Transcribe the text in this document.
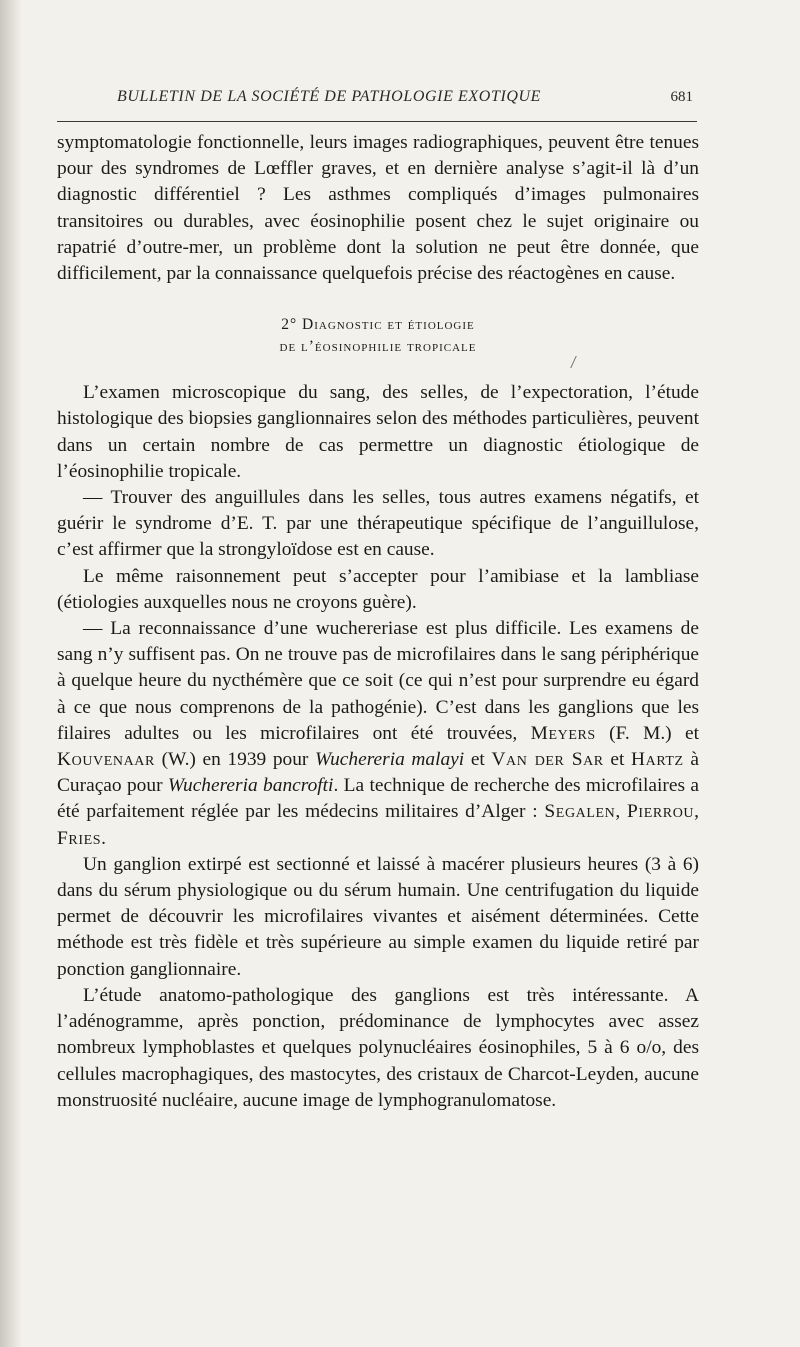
BULLETIN DE LA SOCIÉTÉ DE PATHOLOGIE EXOTIQUE	681

symptomatologie fonctionnelle, leurs images radiographiques, peuvent être tenues pour des syndromes de Lœffler graves, et en dernière analyse s’agit-il là d’un diagnostic différentiel ? Les asthmes compliqués d’images pulmonaires transitoires ou durables, avec éosinophilie posent chez le sujet originaire ou rapatrié d’outre-mer, un problème dont la solution ne peut être donnée, que difficilement, par la connaissance quelquefois précise des réactogènes en cause.

2° Diagnostic et étiologie
de l’éosinophilie tropicale

L’examen microscopique du sang, des selles, de l’expectoration, l’étude histologique des biopsies ganglionnaires selon des méthodes particulières, peuvent dans un certain nombre de cas permettre un diagnostic étiologique de l’éosinophilie tropicale.

— Trouver des anguillules dans les selles, tous autres examens négatifs, et guérir le syndrome d’E. T. par une thérapeutique spécifique de l’anguillulose, c’est affirmer que la strongyloïdose est en cause.

Le même raisonnement peut s’accepter pour l’amibiase et la lambliase (étiologies auxquelles nous ne croyons guère).

— La reconnaissance d’une wuchereriase est plus difficile. Les examens de sang n’y suffisent pas. On ne trouve pas de microfilaires dans le sang périphérique à quelque heure du nycthémère que ce soit (ce qui n’est pour surprendre eu égard à ce que nous comprenons de la pathogénie). C’est dans les ganglions que les filaires adultes ou les microfilaires ont été trouvées, Meyers (F. M.) et Kouvenaar (W.) en 1939 pour Wuchereria malayi et Van der Sar et Hartz à Curaçao pour Wuchereria bancrofti. La technique de recherche des microfilaires a été parfaitement réglée par les médecins militaires d’Alger : Segalen, Pierrou, Fries.

Un ganglion extirpé est sectionné et laissé à macérer plusieurs heures (3 à 6) dans du sérum physiologique ou du sérum humain. Une centrifugation du liquide permet de découvrir les microfilaires vivantes et aisément déterminées. Cette méthode est très fidèle et très supérieure au simple examen du liquide retiré par ponction ganglionnaire.

L’étude anatomo-pathologique des ganglions est très intéressante. A l’adénogramme, après ponction, prédominance de lymphocytes avec assez nombreux lymphoblastes et quelques polynucléaires éosinophiles, 5 à 6 o/o, des cellules macrophagiques, des mastocytes, des cristaux de Charcot-Leyden, aucune monstruosité nucléaire, aucune image de lymphogranulomatose.
